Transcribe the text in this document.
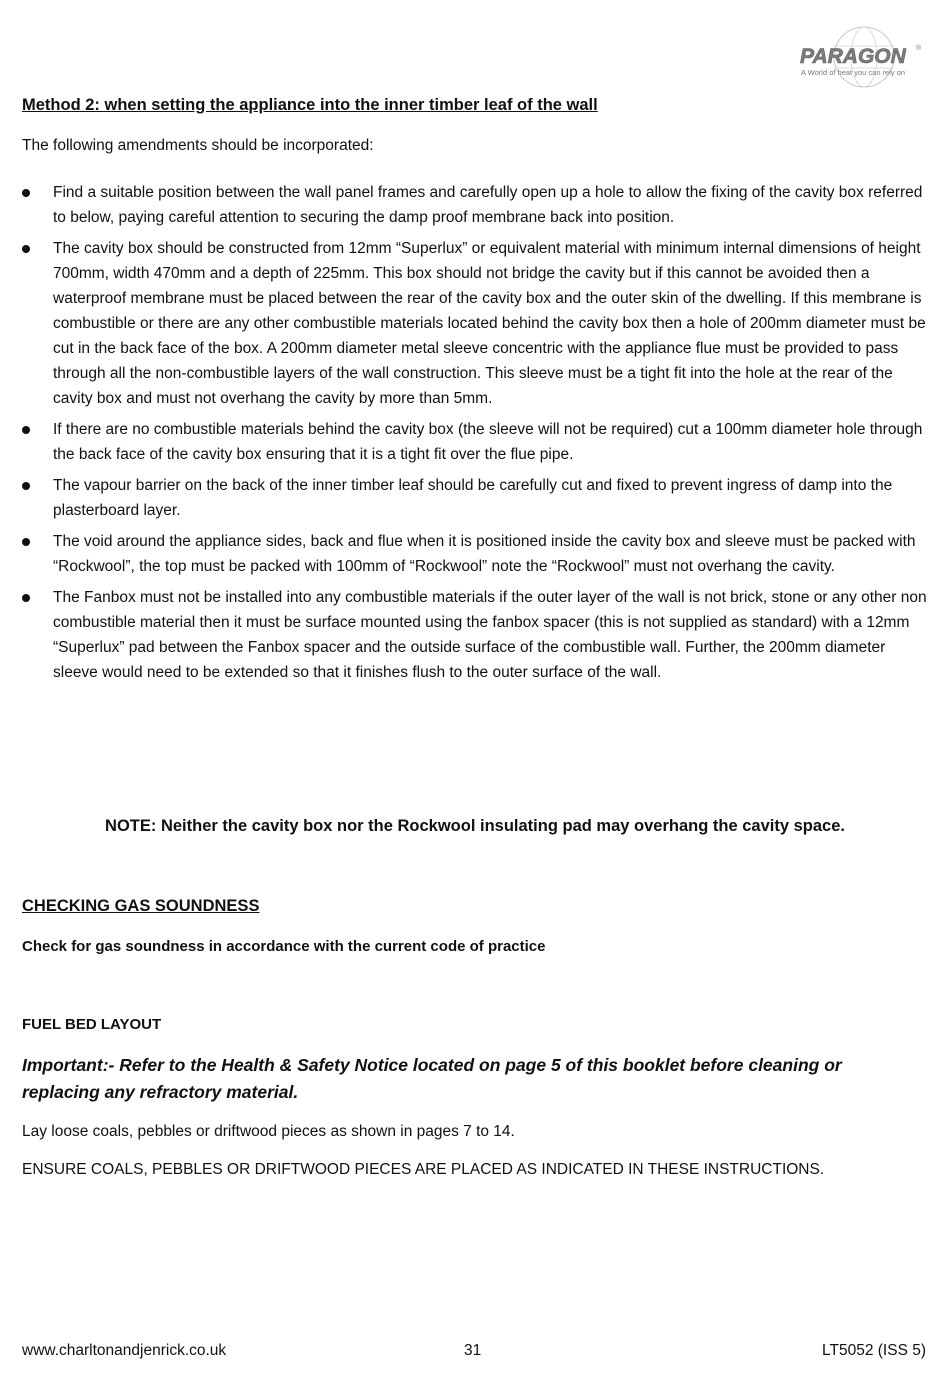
PARAGON ®
A World of heat you can rely on
Method 2: when setting the appliance into the inner timber leaf of the wall

The following amendments should be incorporated:

Find a suitable position between the wall panel frames and carefully open up a hole to allow the fixing of the cavity box referred to below, paying careful attention to securing the damp proof membrane back into position.
The cavity box should be constructed from 12mm “Superlux” or equivalent material with minimum internal dimensions of height 700mm, width 470mm and a depth of 225mm. This box should not bridge the cavity but if this cannot be avoided then a waterproof membrane must be placed between the rear of the cavity box and the outer skin of the dwelling. If this membrane is combustible or there are any other combustible materials located behind the cavity box then a hole of 200mm diameter must be cut in the back face of the box. A 200mm diameter metal sleeve concentric with the appliance flue must be provided to pass through all the non-combustible layers of the wall construction. This sleeve must be a tight fit into the hole at the rear of the cavity box and must not overhang the cavity by more than 5mm.
If there are no combustible materials behind the cavity box (the sleeve will not be required) cut a 100mm diameter hole through the back face of the cavity box ensuring that it is a tight fit over the flue pipe.
The vapour barrier on the back of the inner timber leaf should be carefully cut and fixed to prevent ingress of damp into the plasterboard layer.
The void around the appliance sides, back and flue when it is positioned inside the cavity box and sleeve must be packed with “Rockwool”, the top must be packed with 100mm of “Rockwool” note the “Rockwool” must not overhang the cavity.
The Fanbox must not be installed into any combustible materials if the outer layer of the wall is not brick, stone or any other non combustible material then it must be surface mounted using the fanbox spacer (this is not supplied as standard) with a 12mm “Superlux” pad between the Fanbox spacer and the outside surface of the combustible wall. Further, the 200mm diameter sleeve would need to be extended so that it finishes flush to the outer surface of the wall.

NOTE: Neither the cavity box nor the Rockwool insulating pad may overhang the cavity space.

CHECKING GAS SOUNDNESS

Check for gas soundness in accordance with the current code of practice

FUEL BED LAYOUT

Important:- Refer to the Health & Safety Notice located on page 5 of this booklet before cleaning or replacing any refractory material.

Lay loose coals, pebbles or driftwood pieces as shown in pages 7 to 14.

ENSURE COALS, PEBBLES OR DRIFTWOOD PIECES ARE PLACED AS INDICATED IN THESE INSTRUCTIONS.

www.charltonandjenrick.co.uk	31	LT5052 (ISS 5)
